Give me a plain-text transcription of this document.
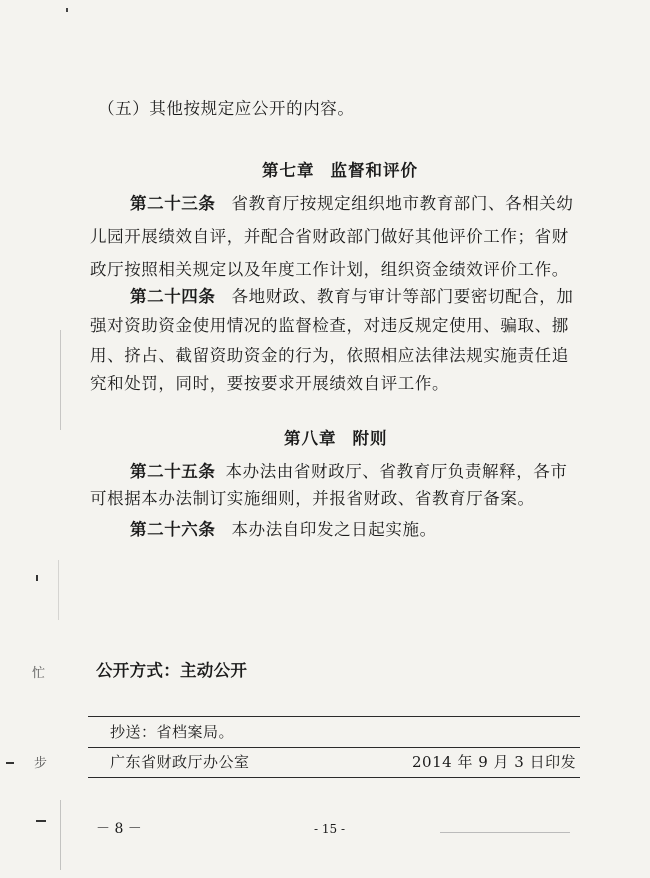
（五）其他按规定应公开的内容。
第七章 监督和评价
第二十三条 省教育厅按规定组织地市教育部门、各相关幼
儿园开展绩效自评，并配合省财政部门做好其他评价工作；省财
政厅按照相关规定以及年度工作计划，组织资金绩效评价工作。
第二十四条 各地财政、教育与审计等部门要密切配合，加
强对资助资金使用情况的监督检查，对违反规定使用、骗取、挪
用、挤占、截留资助资金的行为，依照相应法律法规实施责任追
究和处罚，同时，要按要求开展绩效自评工作。
第八章 附则
第二十五条 本办法由省财政厅、省教育厅负责解释，各市
可根据本办法制订实施细则，并报省财政、省教育厅备案。
第二十六条 本办法自印发之日起实施。
公开方式：主动公开
抄送：省档案局。
广东省财政厅办公室	2014 年 9 月 3 日印发
－ 8 －	- 15 -
忙
步
